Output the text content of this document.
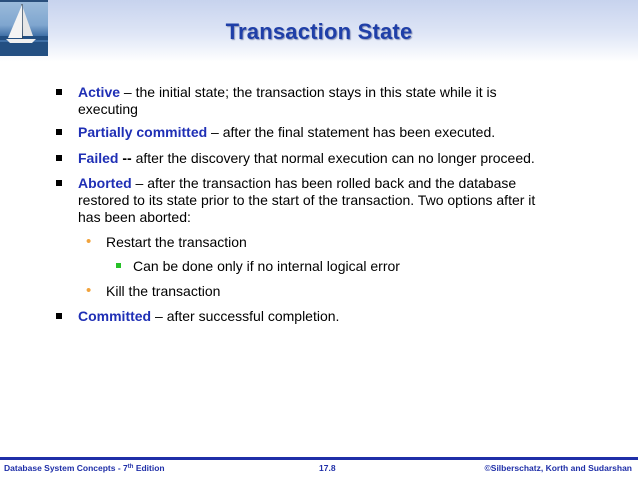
Transaction State
Active – the initial state; the transaction stays in this state while it is
executing
Partially committed – after the final statement has been executed.
Failed -- after the discovery that normal execution can no longer proceed.
Aborted – after the transaction has been rolled back and the database
restored to its state prior to the start of the transaction. Two options after it
has been aborted:
• Restart the transaction
Can be done only if no internal logical error
• Kill the transaction
Committed – after successful completion.
Database System Concepts - 7th Edition	17.8	©Silberschatz, Korth and Sudarshan
